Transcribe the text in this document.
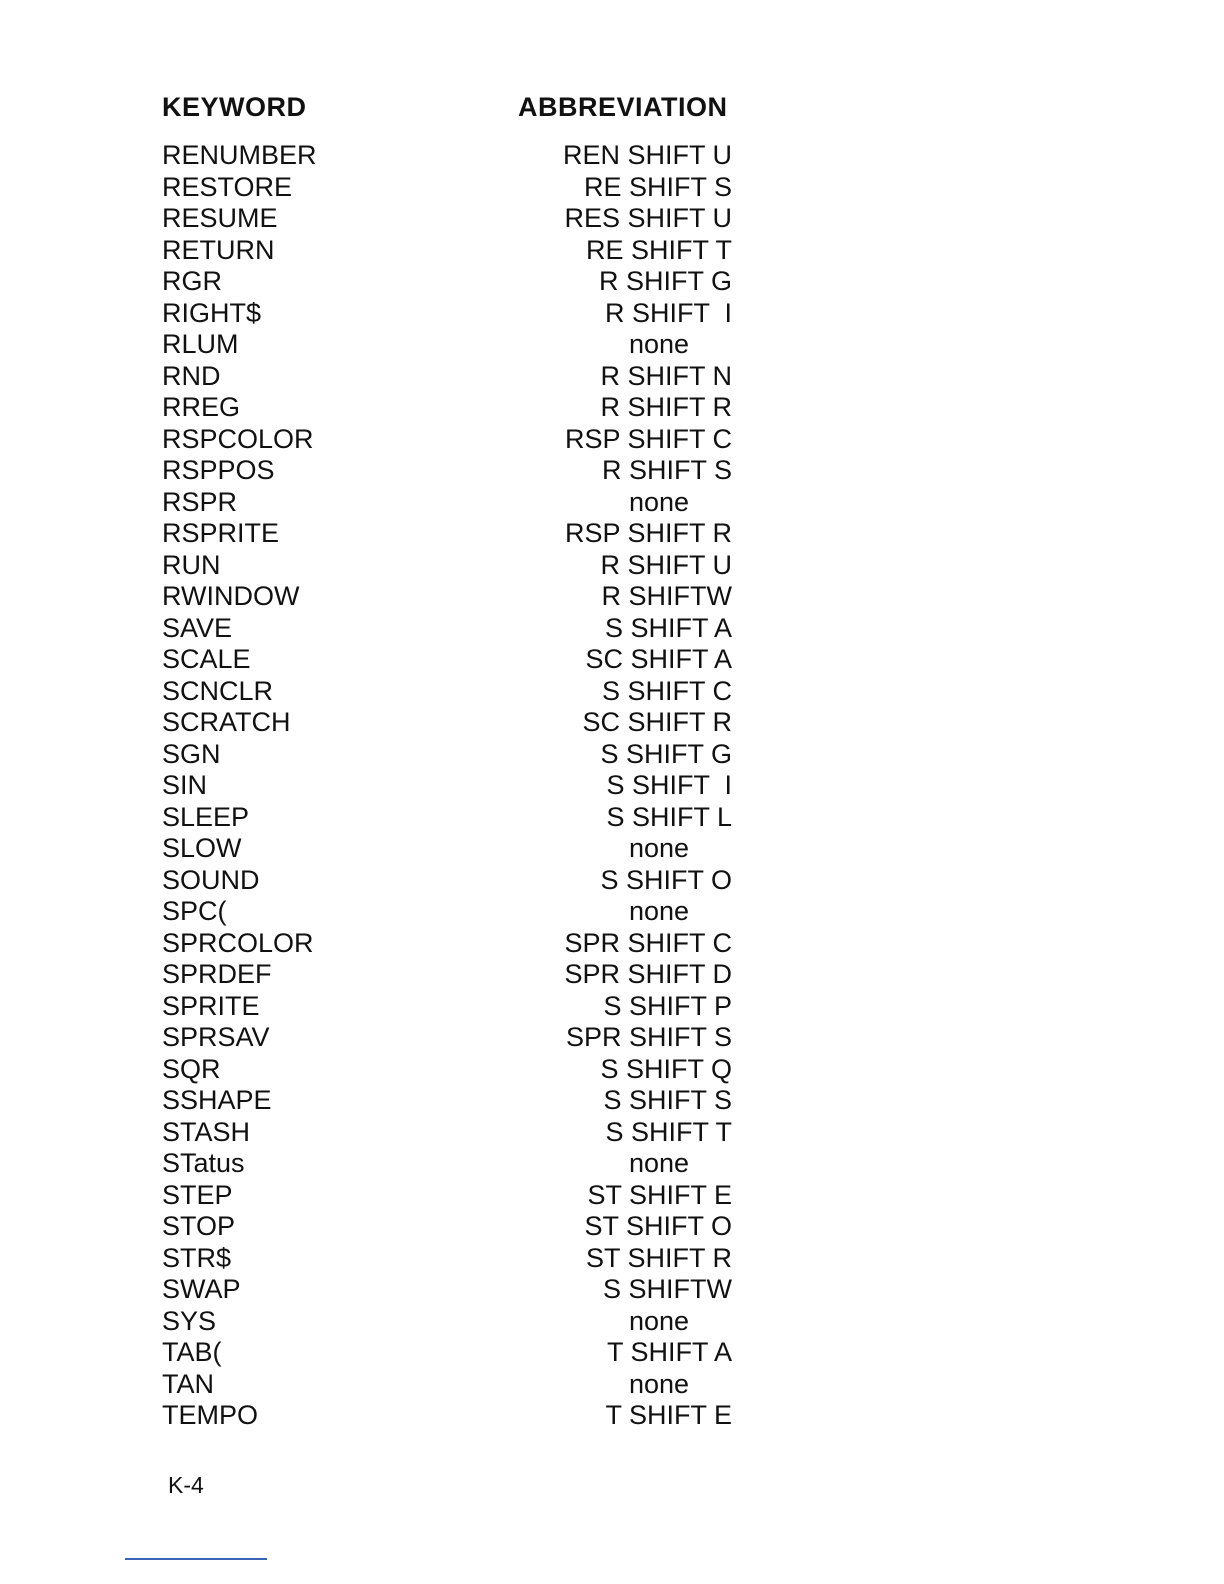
KEYWORD	ABBREVIATION
RENUMBER	REN SHIFT U
RESTORE	RE SHIFT S
RESUME	RES SHIFT U
RETURN	RE SHIFT T
RGR	R SHIFT G
RIGHT$	R SHIFT  I
RLUM	none
RND	R SHIFT N
RREG	R SHIFT R
RSPCOLOR	RSP SHIFT C
RSPPOS	R SHIFT S
RSPR	none
RSPRITE	RSP SHIFT R
RUN	R SHIFT U
RWINDOW	R SHIFTW
SAVE	S SHIFT A
SCALE	SC SHIFT A
SCNCLR	S SHIFT C
SCRATCH	SC SHIFT R
SGN	S SHIFT G
SIN	S SHIFT  I
SLEEP	S SHIFT L
SLOW	none
SOUND	S SHIFT O
SPC(	none
SPRCOLOR	SPR SHIFT C
SPRDEF	SPR SHIFT D
SPRITE	S SHIFT P
SPRSAV	SPR SHIFT S
SQR	S SHIFT Q
SSHAPE	S SHIFT S
STASH	S SHIFT T
STatus	none
STEP	ST SHIFT E
STOP	ST SHIFT O
STR$	ST SHIFT R
SWAP	S SHIFTW
SYS	none
TAB(	T SHIFT A
TAN	none
TEMPO	T SHIFT E
K-4
